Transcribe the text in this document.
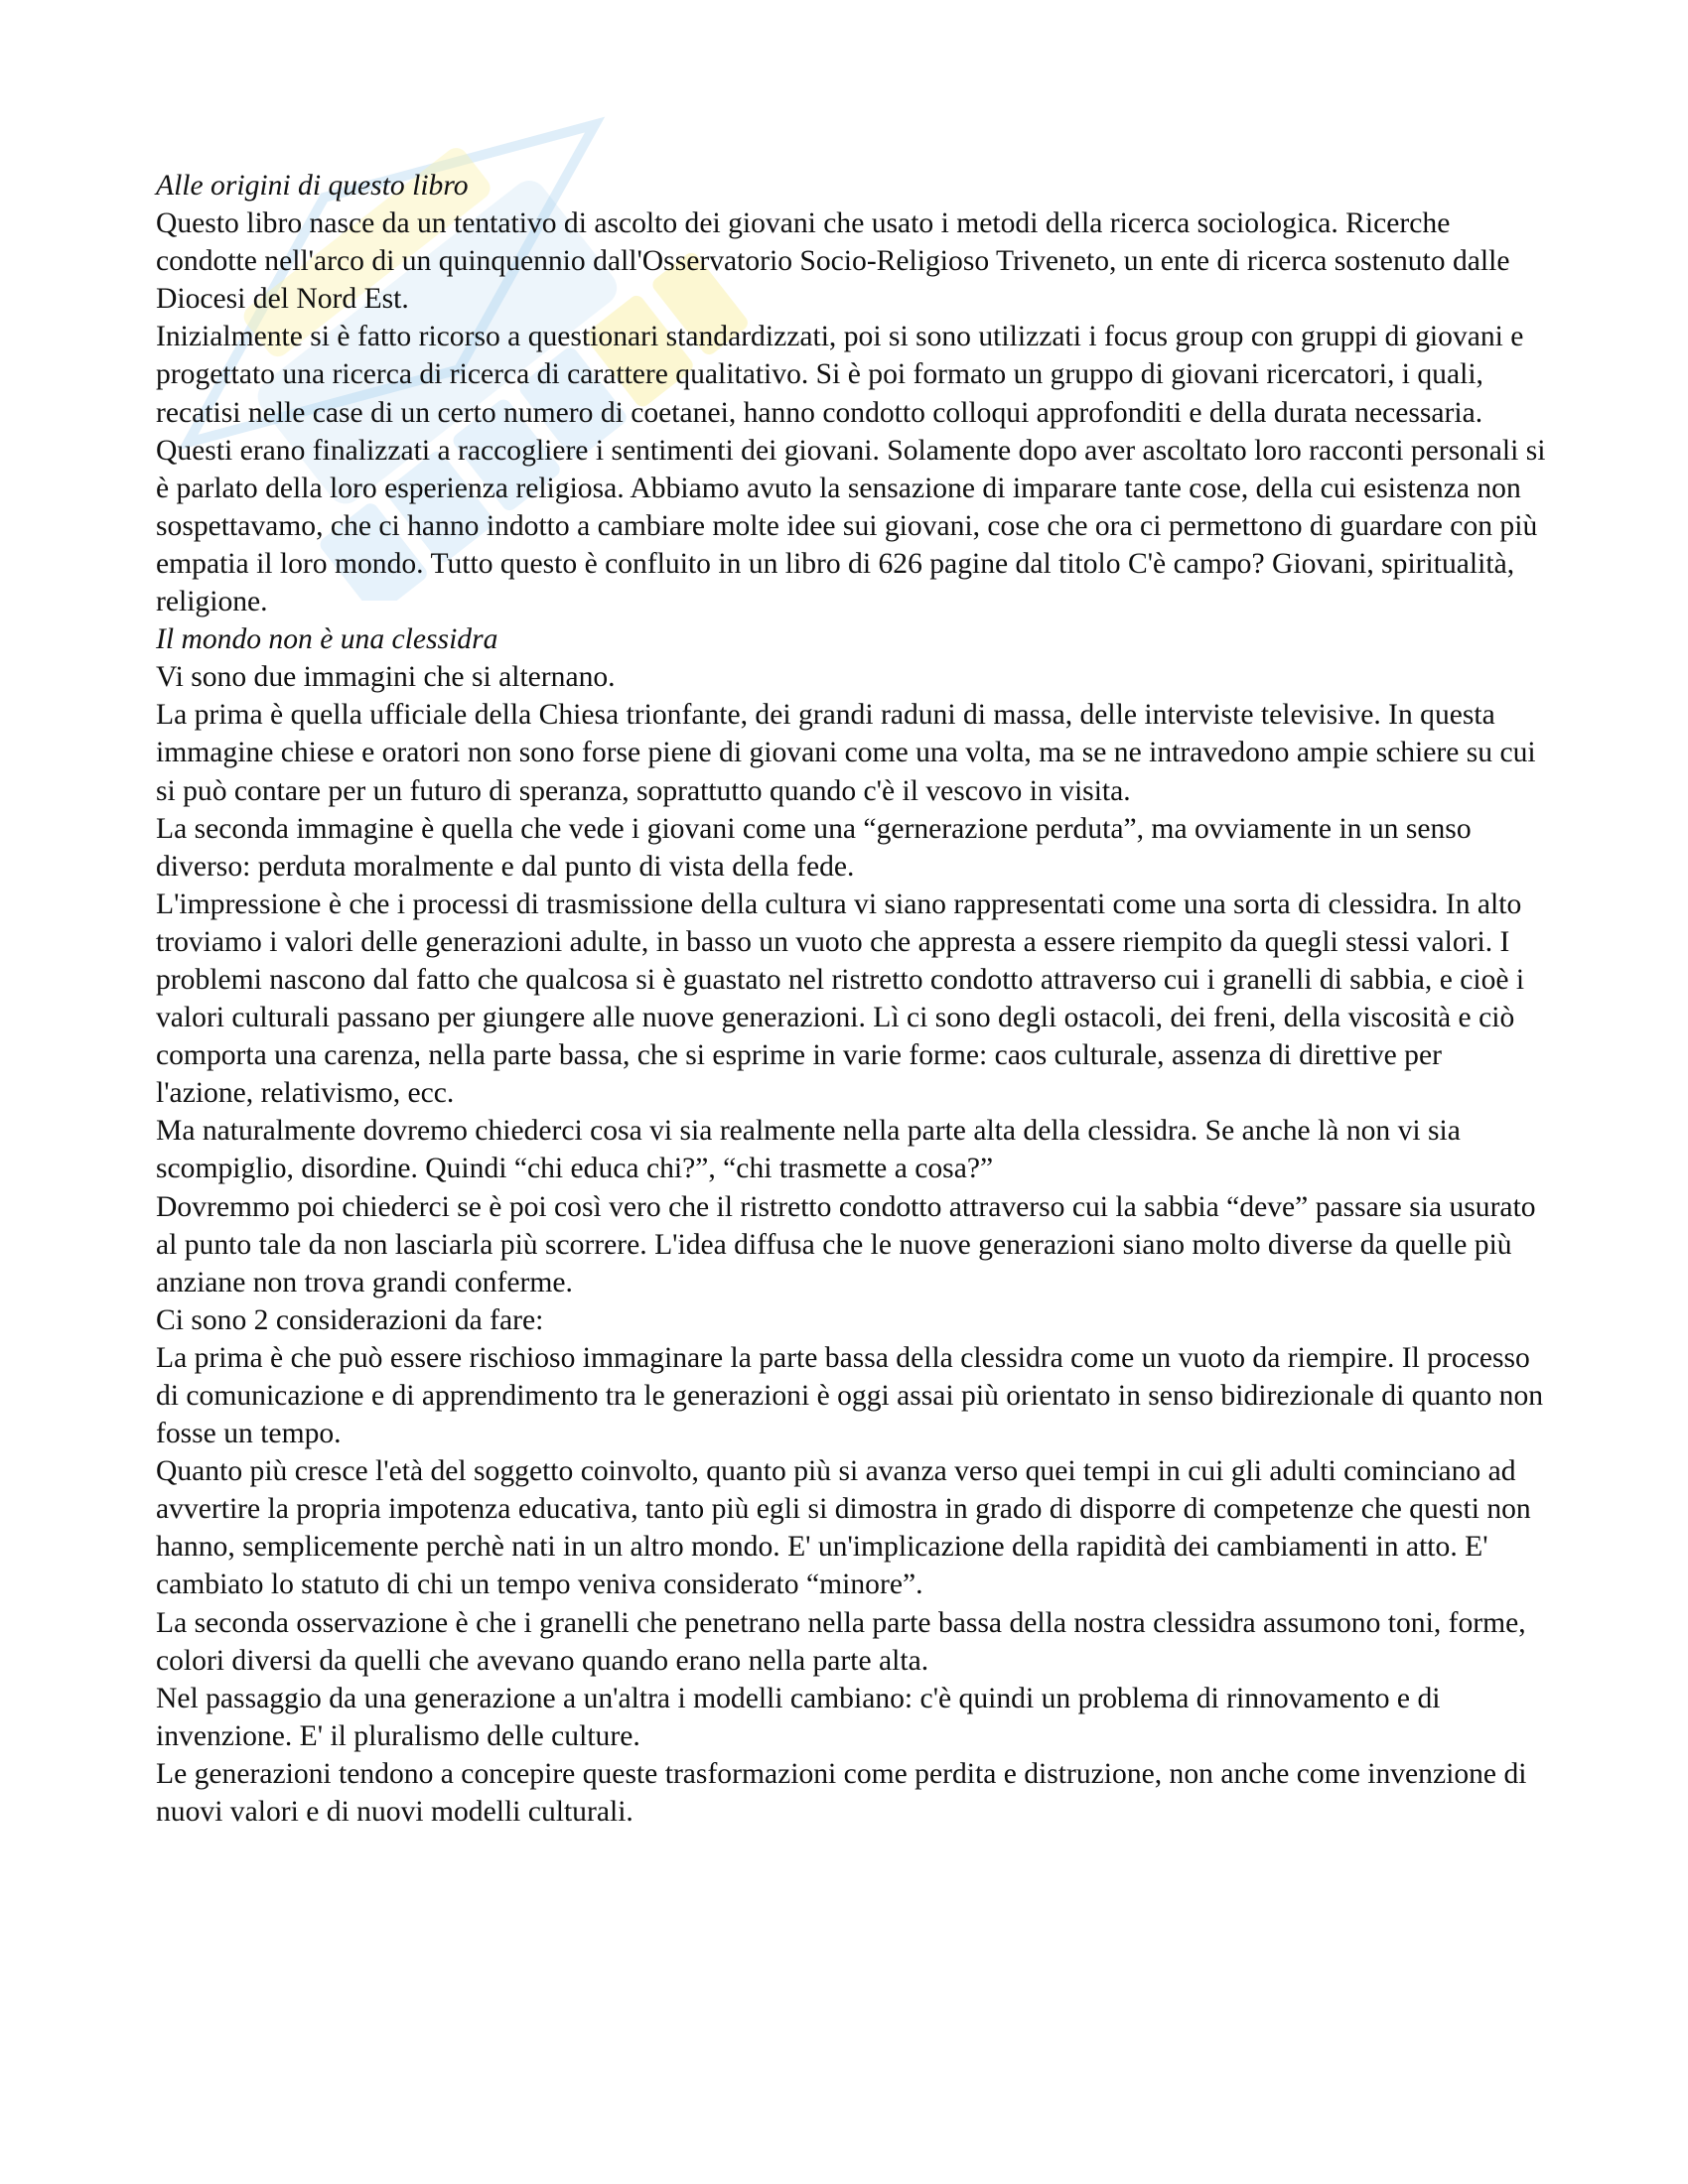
Alle origini di questo libro

Questo libro nasce da un tentativo di ascolto dei giovani che usato i metodi della ricerca sociologica. Ricerche condotte nell'arco di un quinquennio dall'Osservatorio Socio-Religioso Triveneto, un ente di ricerca sostenuto dalle Diocesi del Nord Est.

Inizialmente si è fatto ricorso a questionari standardizzati, poi si sono utilizzati i focus group con gruppi di giovani e progettato una ricerca di ricerca di carattere qualitativo. Si è poi formato un gruppo di giovani ricercatori, i quali, recatisi nelle case di un certo numero di coetanei, hanno condotto colloqui approfonditi e della durata necessaria. Questi erano finalizzati a raccogliere i sentimenti dei giovani. Solamente dopo aver ascoltato loro racconti personali si è parlato della loro esperienza religiosa. Abbiamo avuto la sensazione di imparare tante cose, della cui esistenza non sospettavamo, che ci hanno indotto a cambiare molte idee sui giovani, cose che ora ci permettono di guardare con più empatia il loro mondo. Tutto questo è confluito in un libro di 626 pagine dal titolo C'è campo? Giovani, spiritualità, religione.

Il mondo non è una clessidra

Vi sono due immagini che si alternano.

La prima è quella ufficiale della Chiesa trionfante, dei grandi raduni di massa, delle interviste televisive. In questa immagine chiese e oratori non sono forse piene di giovani come una volta, ma se ne intravedono ampie schiere su cui si può contare per un futuro di speranza, soprattutto quando c'è il vescovo in visita.

La seconda immagine è quella che vede i giovani come una “gernerazione perduta”, ma ovviamente in un senso diverso: perduta moralmente e dal punto di vista della fede.

L'impressione è che i processi di trasmissione della cultura vi siano rappresentati come una sorta di clessidra. In alto troviamo i valori delle generazioni adulte, in basso un vuoto che appresta a essere riempito da quegli stessi valori. I problemi nascono dal fatto che qualcosa si è guastato nel ristretto condotto attraverso cui i granelli di sabbia, e cioè i valori culturali passano per giungere alle nuove generazioni. Lì ci sono degli ostacoli, dei freni, della viscosità e ciò comporta una carenza, nella parte bassa, che si esprime in varie forme: caos culturale, assenza di direttive per l'azione, relativismo, ecc.

Ma naturalmente dovremo chiederci cosa vi sia realmente nella parte alta della clessidra. Se anche là non vi sia scompiglio, disordine. Quindi “chi educa chi?”, “chi trasmette a cosa?”

Dovremmo poi chiederci se è poi così vero che il ristretto condotto attraverso cui la sabbia “deve” passare sia usurato al punto tale da non lasciarla più scorrere. L'idea diffusa che le nuove generazioni siano molto diverse da quelle più anziane non trova grandi conferme.

Ci sono 2 considerazioni da fare:

La prima è che può essere rischioso immaginare la parte bassa della clessidra come un vuoto da riempire. Il processo di comunicazione e di apprendimento tra le generazioni è oggi assai più orientato in senso bidirezionale di quanto non fosse un tempo.

Quanto più cresce l'età del soggetto coinvolto, quanto più si avanza verso quei tempi in cui gli adulti cominciano ad avvertire la propria impotenza educativa, tanto più egli si dimostra in grado di disporre di competenze che questi non hanno, semplicemente perchè nati in un altro mondo. E' un'implicazione della rapidità dei cambiamenti in atto. E' cambiato lo statuto di chi un tempo veniva considerato “minore”.

La seconda osservazione è che i granelli che penetrano nella parte bassa della nostra clessidra assumono toni, forme, colori diversi da quelli che avevano quando erano nella parte alta.

Nel passaggio da una generazione a un'altra i modelli cambiano: c'è quindi un problema di rinnovamento e di invenzione. E' il pluralismo delle culture.

Le generazioni tendono a concepire queste trasformazioni come perdita e distruzione, non anche come invenzione di nuovi valori e di nuovi modelli culturali.
